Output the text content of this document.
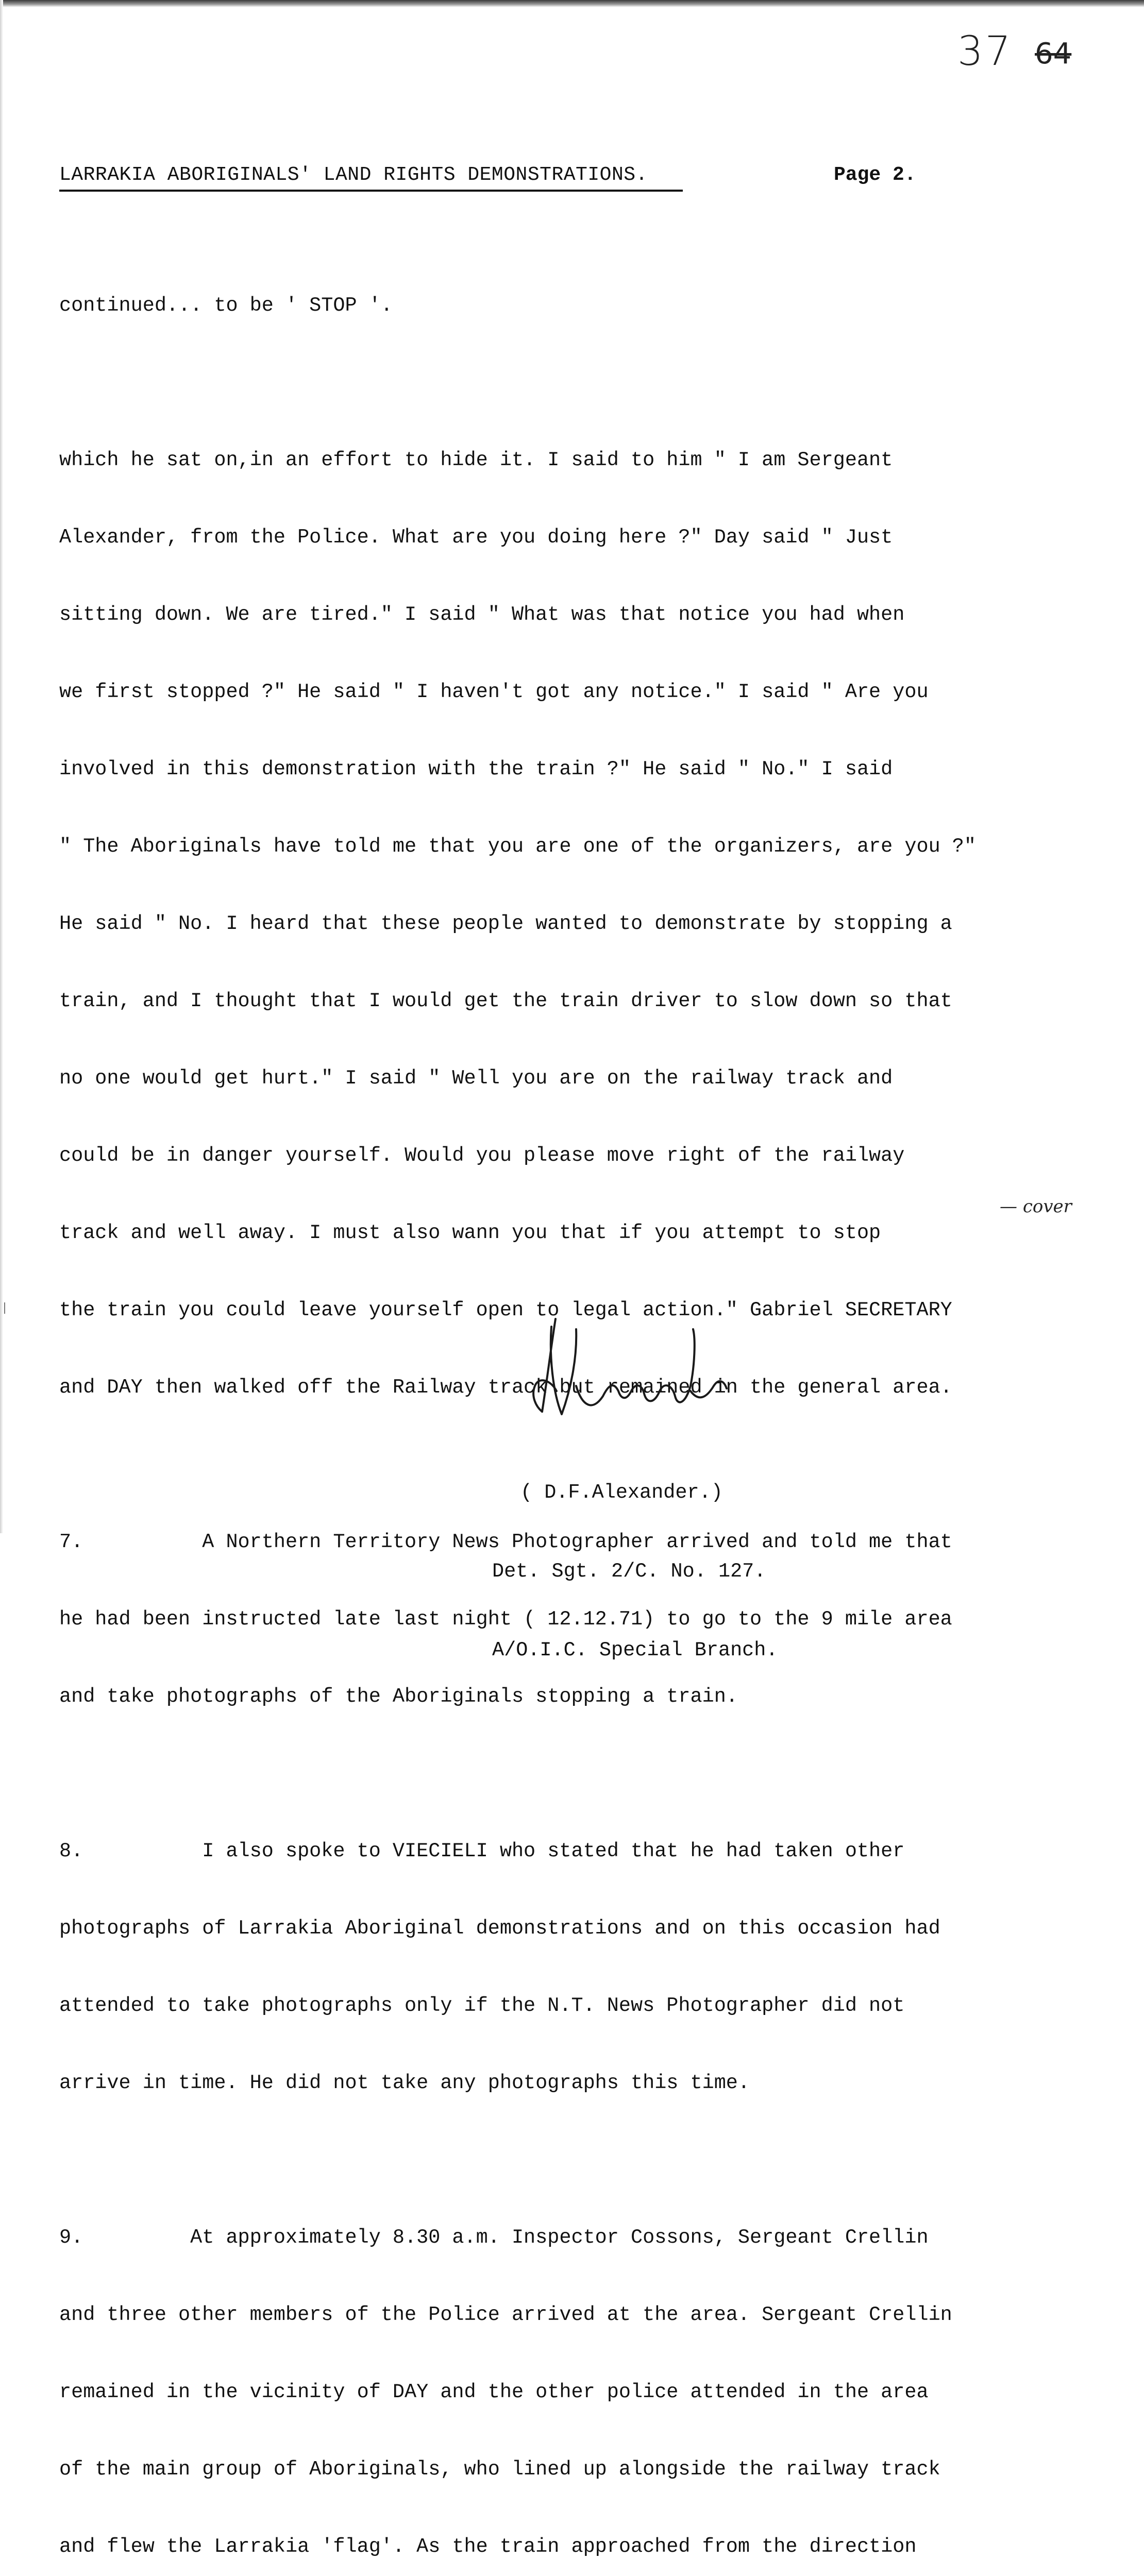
37 64
LARRAKIA ABORIGINALS' LAND RIGHTS DEMONSTRATIONS.	Page 2.

continued... to be ' STOP '.

which he sat on,in an effort to hide it. I said to him " I am Sergeant

Alexander, from the Police. What are you doing here ?" Day said " Just

sitting down. We are tired." I said " What was that notice you had when

we first stopped ?" He said " I haven't got any notice." I said " Are you

involved in this demonstration with the train ?" He said " No." I said

" The Aboriginals have told me that you are one of the organizers, are you ?"

He said " No. I heard that these people wanted to demonstrate by stopping a

train, and I thought that I would get the train driver to slow down so that

no one would get hurt." I said " Well you are on the railway track and

could be in danger yourself. Would you please move right of the railway

track and well away. I must also wann you that if you attempt to stop

the train you could leave yourself open to legal action." Gabriel SECRETARY

and DAY then walked off the Railway track but remained in the general area.

7.          A Northern Territory News Photographer arrived and told me that

he had been instructed late last night ( 12.12.71) to go to the 9 mile area

and take photographs of the Aboriginals stopping a train.

8.          I also spoke to VIECIELI who stated that he had taken other

photographs of Larrakia Aboriginal demonstrations and on this occasion had

attended to take photographs only if the N.T. News Photographer did not

arrive in time. He did not take any photographs this time.

9.         At approximately 8.30 a.m. Inspector Cossons, Sergeant Crellin

and three other members of the Police arrived at the area. Sergeant Crellin

remained in the vicinity of DAY and the other police attended in the area

of the main group of Aboriginals, who lined up alongside the railway track

and flew the Larrakia 'flag'. As the train approached from the direction

— cover

( D.F.Alexander.)

Det. Sgt. 2/C. No. 127.

A/O.I.C. Special Branch.
